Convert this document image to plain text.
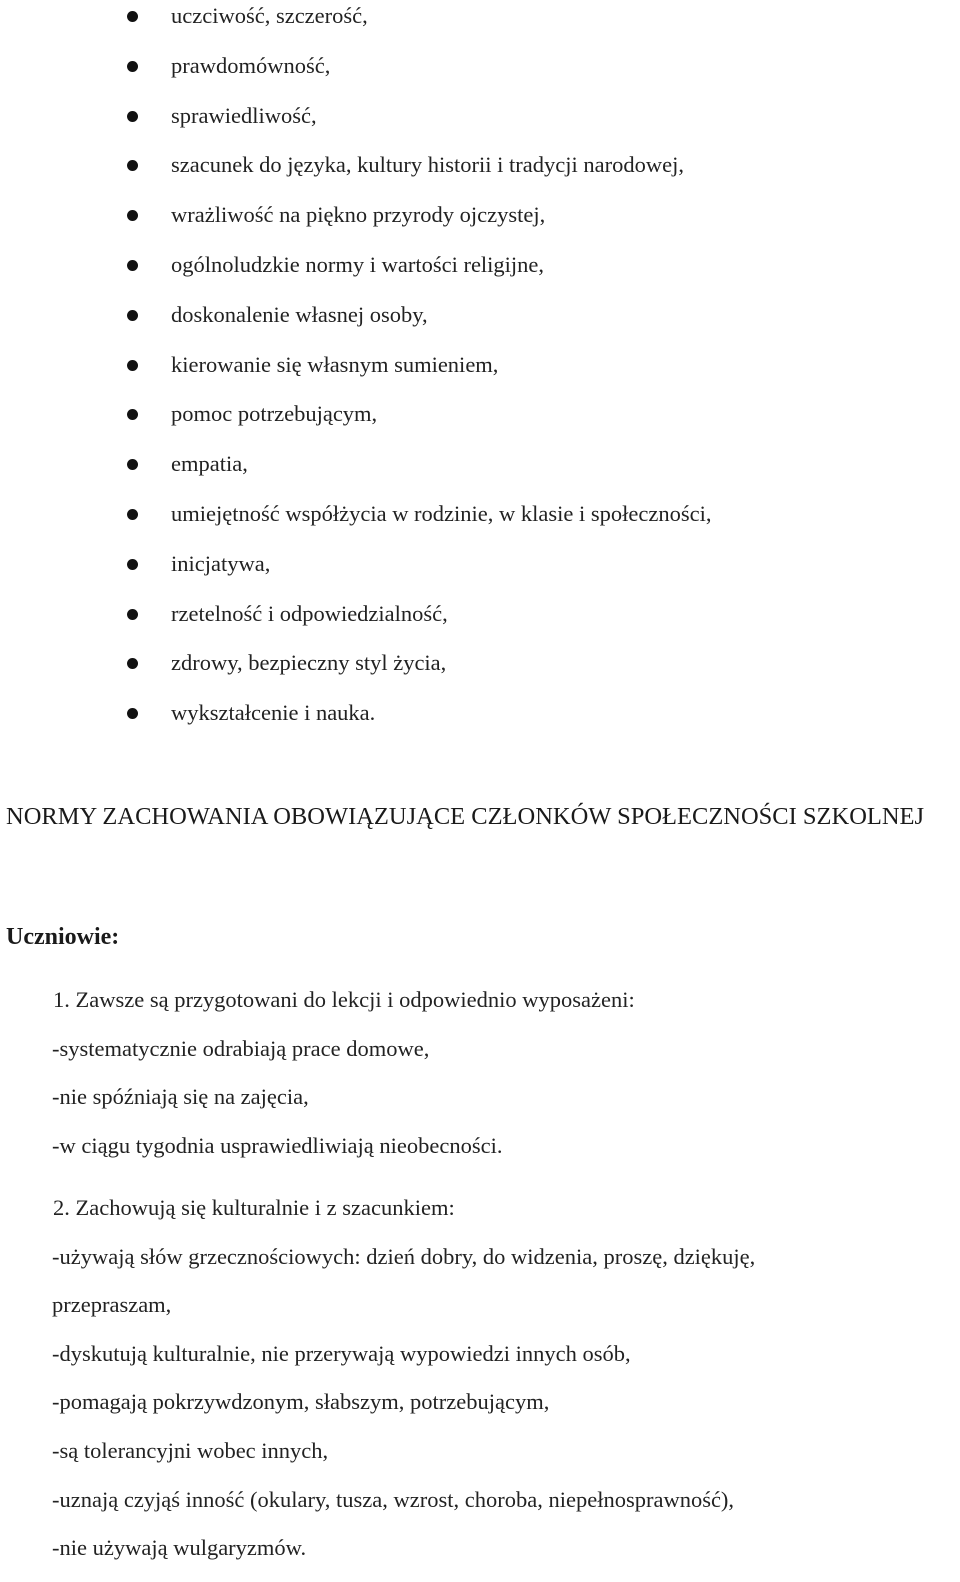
uczciwość, szczerość,
prawdomówność,
sprawiedliwość,
szacunek do języka, kultury historii i tradycji narodowej,
wrażliwość na piękno przyrody ojczystej,
ogólnoludzkie normy i wartości religijne,
doskonalenie własnej osoby,
kierowanie się własnym sumieniem,
pomoc potrzebującym,
empatia,
umiejętność współżycia w rodzinie, w klasie i społeczności,
inicjatywa,
rzetelność i odpowiedzialność,
zdrowy, bezpieczny styl życia,
wykształcenie i nauka.
NORMY ZACHOWANIA OBOWIĄZUJĄCE CZŁONKÓW SPOŁECZNOŚCI SZKOLNEJ
Uczniowie:
1. Zawsze są przygotowani do lekcji i odpowiednio wyposażeni:
-systematycznie odrabiają prace domowe,
-nie spóźniają się na zajęcia,
-w ciągu tygodnia usprawiedliwiają nieobecności.
2. Zachowują się kulturalnie i z szacunkiem:
-używają słów grzecznościowych: dzień dobry, do widzenia, proszę, dziękuję,
przepraszam,
-dyskutują kulturalnie, nie przerywają wypowiedzi innych osób,
-pomagają pokrzywdzonym, słabszym, potrzebującym,
-są tolerancyjni wobec innych,
-uznają czyjąś inność (okulary, tusza, wzrost, choroba, niepełnosprawność),
-nie używają wulgaryzmów.
